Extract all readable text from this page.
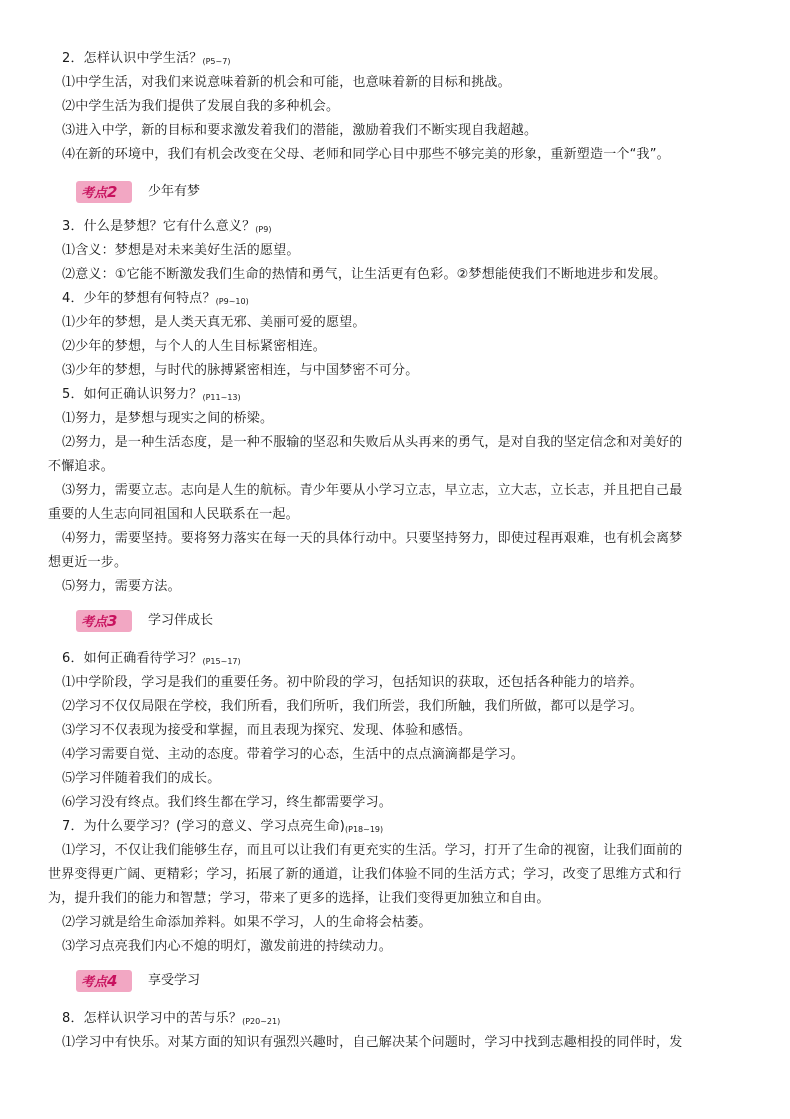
2．怎样认识中学生活？$_{(P5\sim 7)}$
⑴中学生活，对我们来说意味着新的机会和可能，也意味着新的目标和挑战。
⑵中学生活为我们提供了发展自我的多种机会。
⑶进入中学，新的目标和要求激发着我们的潜能，激励着我们不断实现自我超越。
⑷在新的环境中，我们有机会改变在父母、老师和同学心目中那些不够完美的形象，重新塑造一个“我”。
考点2	少年有梦
3．什么是梦想？它有什么意义？$_{(P9)}$
⑴含义：梦想是对未来美好生活的愿望。
⑵意义：①它能不断激发我们生命的热情和勇气，让生活更有色彩。②梦想能使我们不断地进步和发展。
4．少年的梦想有何特点？$_{(P9\sim 10)}$
⑴少年的梦想，是人类天真无邪、美丽可爱的愿望。
⑵少年的梦想，与个人的人生目标紧密相连。
⑶少年的梦想，与时代的脉搏紧密相连，与中国梦密不可分。
5．如何正确认识努力？$_{(P11\sim 13)}$
⑴努力，是梦想与现实之间的桥梁。
⑵努力，是一种生活态度，是一种不服输的坚忍和失败后从头再来的勇气，是对自我的坚定信念和对美好的
不懈追求。
⑶努力，需要立志。志向是人生的航标。青少年要从小学习立志，早立志，立大志，立长志，并且把自己最
重要的人生志向同祖国和人民联系在一起。
⑷努力，需要坚持。要将努力落实在每一天的具体行动中。只要坚持努力，即使过程再艰难，也有机会离梦
想更近一步。
⑸努力，需要方法。
考点3	学习伴成长
6．如何正确看待学习？$_{(P15\sim 17)}$
⑴中学阶段，学习是我们的重要任务。初中阶段的学习，包括知识的获取，还包括各种能力的培养。
⑵学习不仅仅局限在学校，我们所看，我们所听，我们所尝，我们所触，我们所做，都可以是学习。
⑶学习不仅表现为接受和掌握，而且表现为探究、发现、体验和感悟。
⑷学习需要自觉、主动的态度。带着学习的心态，生活中的点点滴滴都是学习。
⑸学习伴随着我们的成长。
⑹学习没有终点。我们终生都在学习，终生都需要学习。
7．为什么要学习？(学习的意义、学习点亮生命)$_{(P18\sim 19)}$
⑴学习，不仅让我们能够生存，而且可以让我们有更充实的生活。学习，打开了生命的视窗，让我们面前的
世界变得更广阔、更精彩；学习，拓展了新的通道，让我们体验不同的生活方式；学习，改变了思维方式和行
为，提升我们的能力和智慧；学习，带来了更多的选择，让我们变得更加独立和自由。
⑵学习就是给生命添加养料。如果不学习，人的生命将会枯萎。
⑶学习点亮我们内心不熄的明灯，激发前进的持续动力。
考点4	享受学习
8．怎样认识学习中的苦与乐？$_{(P20\sim 21)}$
⑴学习中有快乐。对某方面的知识有强烈兴趣时，自己解决某个问题时，学习中找到志趣相投的同伴时，发
